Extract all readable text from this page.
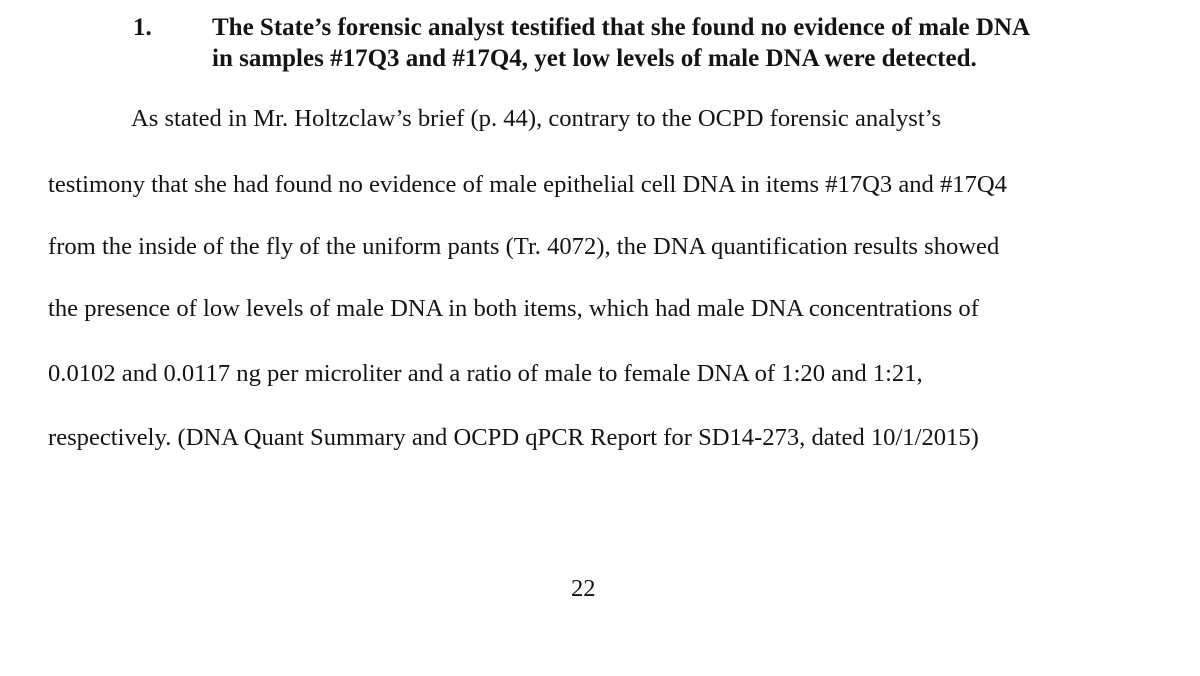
1. The State’s forensic analyst testified that she found no evidence of male DNA
in samples #17Q3 and #17Q4, yet low levels of male DNA were detected.
As stated in Mr. Holtzclaw’s brief (p. 44), contrary to the OCPD forensic analyst’s
testimony that she had found no evidence of male epithelial cell DNA in items #17Q3 and #17Q4
from the inside of the fly of the uniform pants (Tr. 4072), the DNA quantification results showed
the presence of low levels of male DNA in both items, which had male DNA concentrations of
0.0102 and 0.0117 ng per microliter and a ratio of male to female DNA of 1:20 and 1:21,
respectively. (DNA Quant Summary and OCPD qPCR Report for SD14-273, dated 10/1/2015)
22
